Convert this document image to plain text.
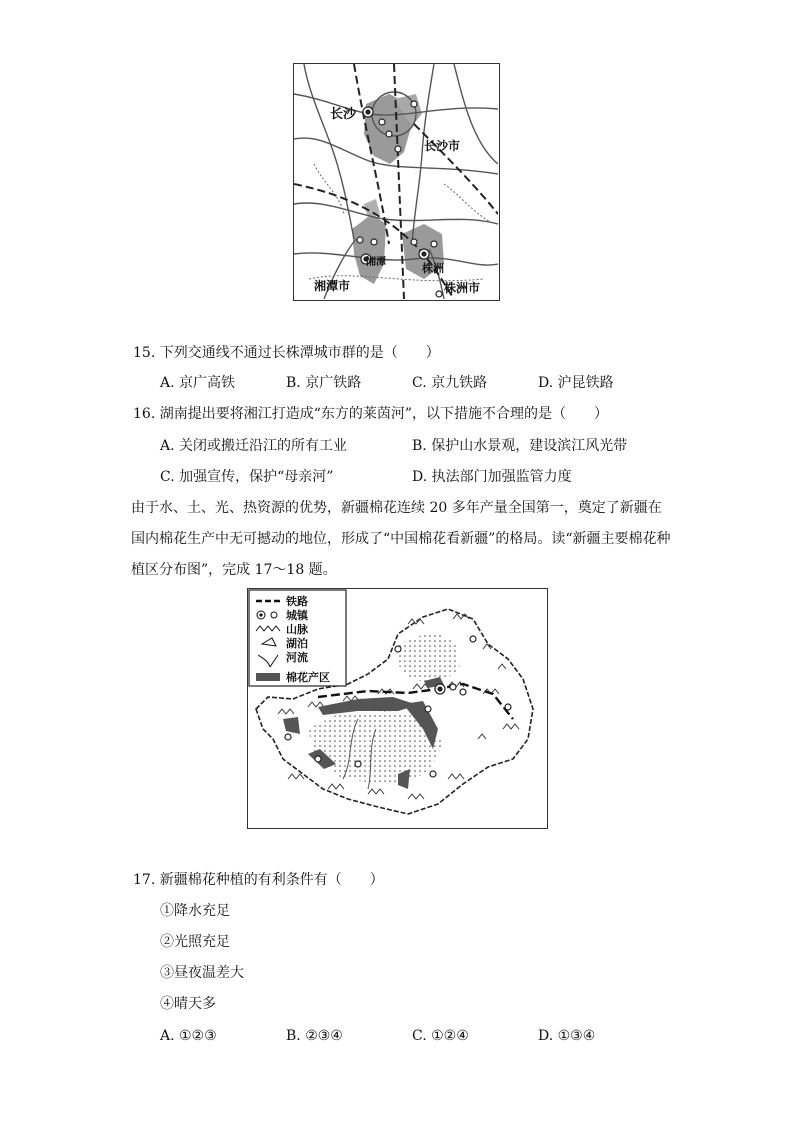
长沙
长沙市
湘潭	株洲
湘潭市	株洲市
15. 下列交通线不通过长株潭城市群的是（　　）
A. 京广高铁	B. 京广铁路	C. 京九铁路	D. 沪昆铁路
16. 湖南提出要将湘江打造成“东方的莱茵河”，以下措施不合理的是（　　）
A. 关闭或搬迁沿江的所有工业	B. 保护山水景观，建设滨江风光带
C. 加强宣传，保护“母亲河”	D. 执法部门加强监管力度
由于水、土、光、热资源的优势，新疆棉花连续 20 多年产量全国第一，奠定了新疆在国内棉花生产中无可撼动的地位，形成了“中国棉花看新疆”的格局。读“新疆主要棉花种植区分布图”，完成 17～18 题。
铁路
城镇
山脉
湖泊
河流
棉花产区
17. 新疆棉花种植的有利条件有（　　）
①降水充足
②光照充足
③昼夜温差大
④晴天多
A. ①②③	B. ②③④	C. ①②④	D. ①③④
